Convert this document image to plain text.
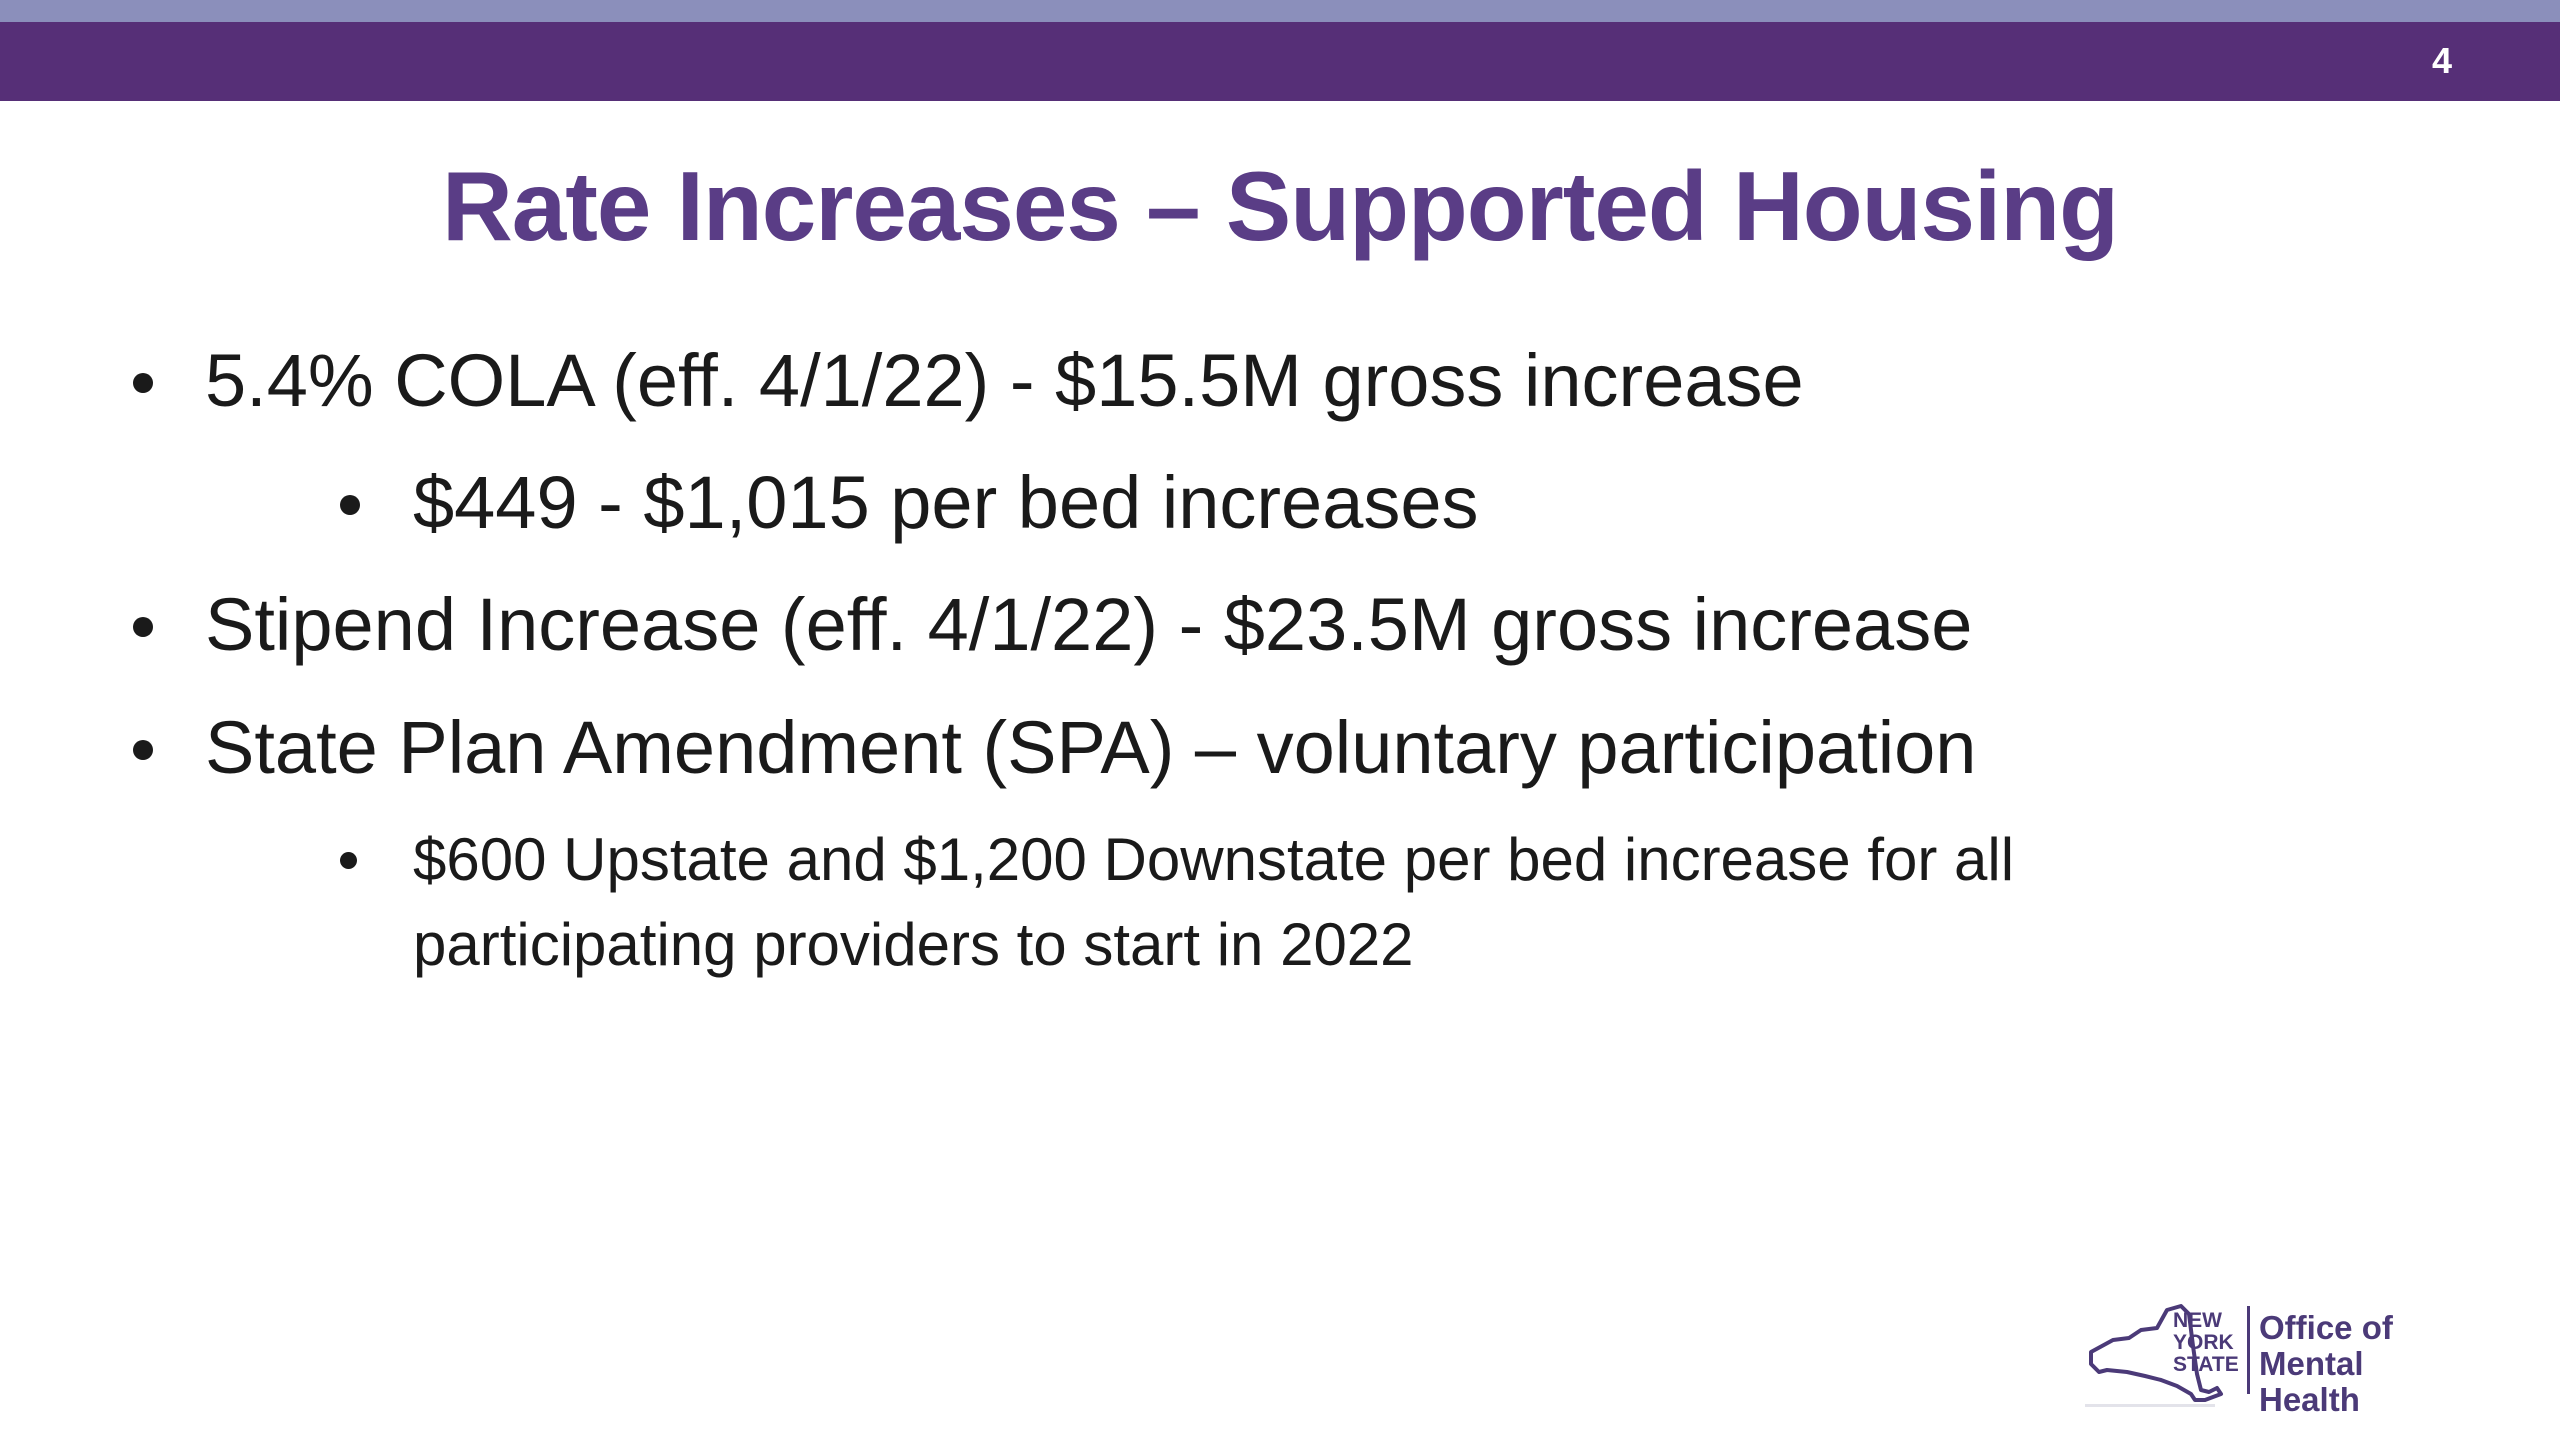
4
Rate Increases – Supported Housing
5.4% COLA (eff. 4/1/22) - $15.5M gross increase
$449 - $1,015 per bed increases
Stipend Increase (eff. 4/1/22) - $23.5M gross increase
State Plan Amendment (SPA) – voluntary participation
$600 Upstate and $1,200 Downstate per bed increase for all
participating providers to start in 2022
NEW
YORK
STATE
Office of
Mental Health
